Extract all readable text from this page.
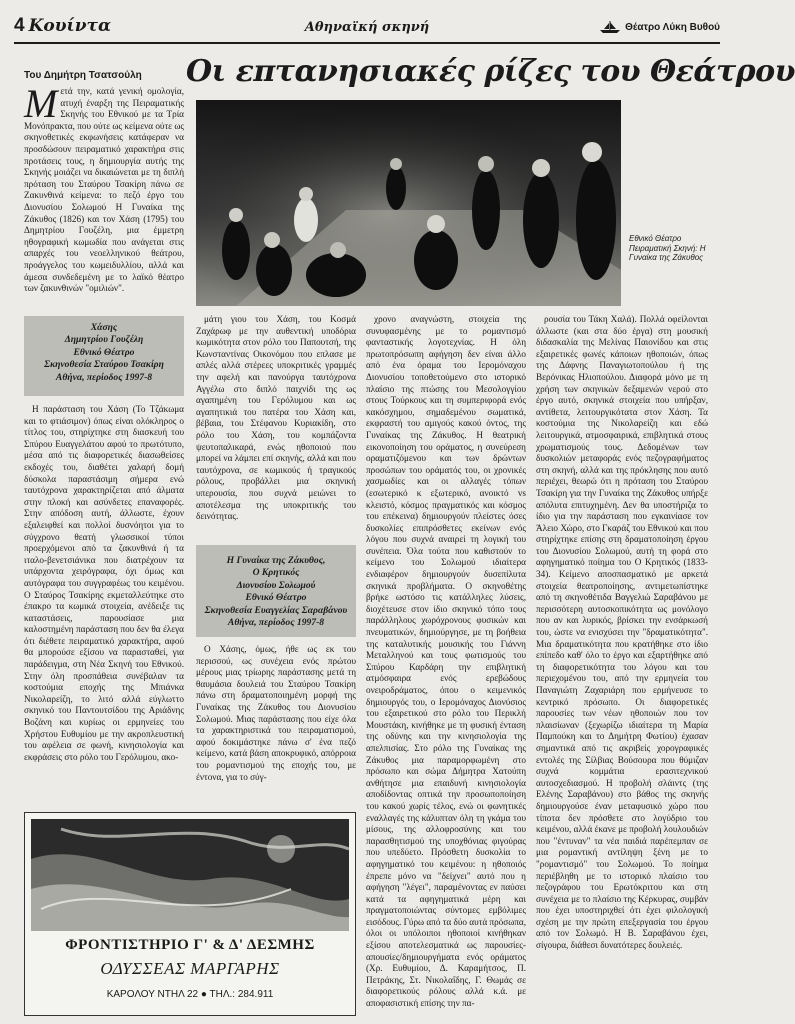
4 Κουίντα	Αθηναϊκή σκηνή	Θέατρο Λύκη Βυθού
Του Δημήτρη Τσατσούλη Οι επτανησιακές ρίζες του Θεάτρου
Μ ετά την, κατά γενική ομολογία, ατυχή έναρξη της Πειραματικής Σκηνής του Εθνικού με τα Τρία Μονόπρακτα, που ούτε ως κείμενα ούτε ως σκηνοθετικές εκφωνήσεις κατάφεραν να προσδώσουν πειραματικό χαρακτήρα στις προτάσεις τους, η δημιουργία αυτής της Σκηνής μοιάζει να δικαιώνεται με τη διπλή πρόταση του Σταύρου Τσακίρη πάνω σε Ζακυνθινά κείμενα: το πεζό έργο του Διονυσίου Σολωμού Η Γυναίκα της Ζάκυθος (1826) και τον Χάση (1795) του Δημητρίου Γουζέλη, μια έμμετρη ηθογραφική κωμωδία που ανάγεται στις απαρχές του νεοελληνικού θεάτρου, προάγγελος του κωμειδυλλίου, αλλά και άμεσα συνδεδεμένη με το λαϊκό θέατρο των ζακυνθινών "ομιλιών".
Εθνικό Θέατρο Πειραματική Σκηνή: Η Γυναίκα της Ζάκυθος
Χάσης
Δημητρίου Γουζέλη
Εθνικό Θέατρο
Σκηνοθεσία Σταύρου Τσακίρη
Αθήνα, περίοδος 1997-8

Η παράσταση του Χάση (Το Τζάκωμα και το φτιάσιμον) όπως είναι ολόκληρος ο τίτλος του, στηρίχτηκε στη διασκευή του Σπύρου Ευαγγελάτου αφού το πρωτότυπο, μέσα από τις διαφορετικές διασωθείσες εκδοχές του, διαθέτει χαλαρή δομή δύσκολα παραστάσιμη σήμερα ενώ ταυτόχρονα χαρακτηρίζεται από άλματα στην πλοκή και ασύνδετες επαναφορές. Στην απόδοση αυτή, άλλωστε, έχουν εξαλειφθεί και πολλοί δυσνόητοι για το σύγχρονο θεατή γλωσσικοί τύποι προερχόμενοι από τα ζακυνθινά ή τα ιταλο-βενετσιάνικα που διατρέχουν τα υπάρχοντα χειρόγραφα, όχι όμως και αυτόγραφα του συγγραφέως του κειμένου. Ο Σταύρος Τσακίρης εκμεταλλεύτηκε στο έπακρο τα κωμικά στοιχεία, ανέδειξε τις καταστάσεις, παρουσίασε μια καλοστημένη παράσταση που δεν θα έλεγα ότι διέθετε πειραματικό χαρακτήρα, αφού θα μπορούσε εξίσου να παρασταθεί, για παράδειγμα, στη Νέα Σκηνή του Εθνικού. Στην όλη προσπάθεια συνέβαλαν τα κοστούμια επoχής της Μπιάνκα Νικολαρείζη, το λιτό αλλά εύγλωττο σκηνικό του Παντουτσίδου της Αριάδνης Βοζάνη και κυρίως οι ερμηνείες του Χρήστου Ευθυμίου με την ακροπλευστική του αφέλεια σε φωνή, κινησιολογία και εκφράσεις στο ρόλο του Γερόλυμου, ακο-

μάτη γιου του Χάση, του Κοσμά Ζαχάρωφ με την αυθεντική υποδόρια κωμικότητα στον ρόλο του Παπουτσή, της Κωνσταντίνας Οικονόμου που επλασε με απλές αλλά στέρεες υποκριτικές γραμμές την αφελή και πανούργα ταυτόχρονα Αγγέλω στο διπλό παιχνίδι της ως αγαπημένη του Γερόλυμου και ως αγαπητικιά του πατέρα του Χάση και, βέβαια, του Στέφανου Κυριακίδη, στο ρόλο του Χάση, του κομπάζοντα ψευτοπαλικαρά, ενώς ηθοποιού που μπορεί να λάμπει επί σκηνής, αλλά και που ταυτόχρονα, σε κωμικούς ή τραγικούς ρόλους, προβάλλει μια σκηνική υπερουσία, που συχνά μειώνει το αποτέλεσμα της υποκριτικής του δεινότητας.

Η Γυναίκα της Ζάκυθος,
Ο Κρητικός
Διονυσίου Σολωμού
Εθνικό Θέατρο
Σκηνοθεσία Ευαγγελίας Σαραβάνου
Αθήνα, περίοδος 1997-8

Ο Χάσης, όμως, ήθε ως εκ του περισσού, ως συνέχεια ενός πρώτου μέρους μιας τρίωρης παράστασης μετά τη θαυμάσια δουλειά του Σταύρου Τσακίρη πάνω στη δραματοποιημένη μορφή της Γυναίκας της Ζάκυθος του Διονυσίου Σολωμού. Μιας παράστασης που είχε όλα τα χαρακτηριστικά του πειραματισμού, αφού δοκιμάστηκε πάνω σ' ένα πεζό κείμενο, κατά βάση αποκρυφικό, απόρροια του ρομαντισμού της εποχής του, με έντονα, για το σύγ-

χρονο αναγνώστη, στοιχεία της συνυφασμένης με το ρομαντισμό φανταστικής λογοτεχνίας. Η όλη πρωτοπρόσωπη αφήγηση δεν είναι άλλο από ένα όραμα του Ιερομόναχου Διονυσίου τοποθετούμενο στο ιστορικό πλαίσιο της πτώσης του Μεσολογγίου στους Τούρκους και τη συμπεριφορά ενός κακόσχημου, σημαδεμένου σωματικά, εκφραστή του αμιγούς κακού όντος, της Γυναίκας της Ζάκυθος. Η θεατρική εικονοποίηση του οράματος, η συνεύρεση οραματιζόμενου και των δρώντων προσώπων του οράματός του, οι χρονικές χασμωδίες και οι αλλαγές τόπων (εσωτερικό κ εξωτερικό, ανοικτό vs κλειστό, κόσμος πραγματικός και κόσμος του επέκεινα) δημιουργούν πλείστες όσες δυσκολίες επιπρόσθετες εκείνων ενός λόγου που συχνά αναιρεί τη λογική του συνέπεια. Όλα τούτα που καθιστούν το κείμενο του Σολωμού ιδιαίτερα ενδιαφέρον δημιουργούν δυσεπίλυτα σκηνικά προβλήματα. Ο σκηνοθέτης βρήκε ωστόσο τις κατάλληλες λύσεις, διοχέτευσε στον ίδιο σκηνικό τόπο τους παράλληλους χωρόχρονους φυσικών και πνευματικών, δημιούργησε, με τη βοήθεια της καταλυτικής μουσικής του Γιάννη Μεταλληνού και τους φωτισμούς του Σπύρου Καρδάρη την επιβλητική ατμόσφαιρα ενός ερεβώδους ονειροδράματος, όπου ο κειμενικός δημιουργός του, ο Ιερομόναχος Διονύσιος του εξαιρετικού στο ρόλο του Περικλή Μουστάκη, κινήθηκε με τη φυσική ένταση της οδύνης και την κινησιολογία της απελπισίας. Στο ρόλο της Γυναίκας της Ζάκυθος μια παραμορφωμένη στο πρόσωπο και σώμα Δήμητρα Χατούπη ανθήτησε μια επαιδυνή κινησιολογία αποδίδοντας οπτικά την προσωποποίηση του κακού χωρίς τέλος, ενώ οι φωνητικές εναλλαγές της κάλυπταν όλη τη γκάμα του μίσους, της αλλοφροσύνης και του παρασθητισμού της υποχθόνιας φιγούρας που υπεδύετο. Πρόσθετη δυσκολία το αφηγηματικό του κειμένου: η ηθοποιός έπρεπε μόνο να "δείχνει" αυτό που η αφήγηση "λέγει", παραμένοντας εν παύσει κατά τα αφηγηματικά μέρη και πραγματοποιώντας σύντομες εμβόλιμες εισόδους. Γύρω από τα δύο αυτά πρόσωπα, όλοι οι υπόλοιποι ηθοποιοί κινήθηκαν εξίσου αποτελεσματικά ως παρουσίες-απουσίες/δημιουργήματα ενός οράματος (Χρ. Ευθυμίου, Δ. Καραμήτσος, Π. Πετράκης, Στ. Νικολαΐδης, Γ. Θωμάς σε διαφορετικούς ρόλους αλλά κ.ά. με αποφασιστική επίσης την πα-

ρουσία του Τάκη Χαλά). Πολλά οφείλονται άλλωστε (και στα δύο έργα) στη μουσική διδασκαλία της Μελίνας Παιονίδου και στις εξαιρετικές φωνές κάποιων ηθοποιών, όπως της Δάφνης Παναγιωτοπούλου ή της Βερόνικας Ηλιοπούλου. Διαφορά μόνο με τη χρήση των σκηνικών δεξαμενών νερού στο έργο αυτό, σκηνικά στοιχεία που υπήρξαν, αντίθετα, λειτουργικότατα στον Χάση. Τα κοστούμια της Νικολαρείζη και εδώ λειτουργικά, ατμοσφαιρικά, επιβλητικά στους χρωματισμούς τους. Δεδομένων των δυσκολιών μεταφοράς ενός πεζογραφήματος στη σκηνή, αλλά και της πρόκλησης που αυτό περιέχει, θεωρώ ότι η πρόταση του Σταύρου Τσακίρη για την Γυναίκα της Ζάκυθος υπήρξε απόλυτα επιτυχημένη. Δεν θα υποστήριζα το ίδιο για την παράσταση που εγκαινίασε τον Άλειο Χώρο, στο Γκαράζ του Εθνικού και που στηρίχτηκε επίσης στη δραματοποίηση έργου του Διονυσίου Σολωμού, αυτή τη φορά στο αφηγηματικό ποίημα του Ο Κρητικός (1833-34). Κείμενο αποσπασματικό με αρκετά στοιχεία θεατροποίησης, αντιμετωπίστηκε από τη σκηνοθέτιδα Βαγγελιώ Σαραβάνου με περισσότερη αυτοσκοπικότητα ως μονόλογο που αν και λυρικός, βρίσκει την ενσάρκωσή του, ώστε να ενισχύσει την "δραματικότητα". Μια δραματικότητα που κρατήθηκε στο ίδιο επίπεδο καθ' όλο το έργο και εξαρτήθηκε από τη διαφορετικότητα του λόγου και του περιεχομένου του, από την ερμηνεία του Παναγιώτη Ζαχαριάρη που ερμήνευσε το κεντρικό πρόσωπο. Οι διαφορετικές παρουσίες των νέων ηθοποιών που τον πλαισίωναν (ξεχωρίζω ιδιαίτερα τη Μαρία Παμπούκη και το Δημήτρη Φωτίου) έχασαν σημαντικά από τις ακριβείς χορογραφικές εντολές της Σίλβιας Βούσουρα που θύμιζαν συχνά κομμάτια ερασιτεχνικού αυτοσχεδιασμού. Η προβολή σλάιντς (της Ελένης Σαραβάνου) στο βάθος της σκηνής δημιουργούσε έναν μεταφυσικό χώρο που τίποτα δεν πρόσθετε στο λογύδριο του κειμένου, αλλά έκανε με προβολή λουλουδιών που "έντυναν" τα νέα παιδιά παρέπεμπαν σε μια ρομαντική αντίληψη ξένη με το "ρομαντισμό" του Σολωμού. Το ποίημα περιέβληθη με το ιστορικό πλαίσιο του πεζογράφου του Ερωτόκριτου και στη συνέχεια με το πλαίσιο της Κέρκυρας, συμβάν που έχει υποστηριχθεί ότι έχει φιλολογική σχέση με την πρώτη επεξεργασία του έργου από τον Σολωμό. Η Β. Σαραβάνου έχει, σίγουρα, διάθεσι δυνατότερες δουλειές.

ΦΡΟΝΤΙΣΤΗΡΙΟ Γ' & Δ' ΔΕΣΜΗΣ
ΟΔΥΣΣΕΑΣ ΜΑΡΓΑΡΗΣ
ΚΑΡΟΛΟΥ ΝΤΗΛ 22 ● ΤΗΛ.: 284.911
